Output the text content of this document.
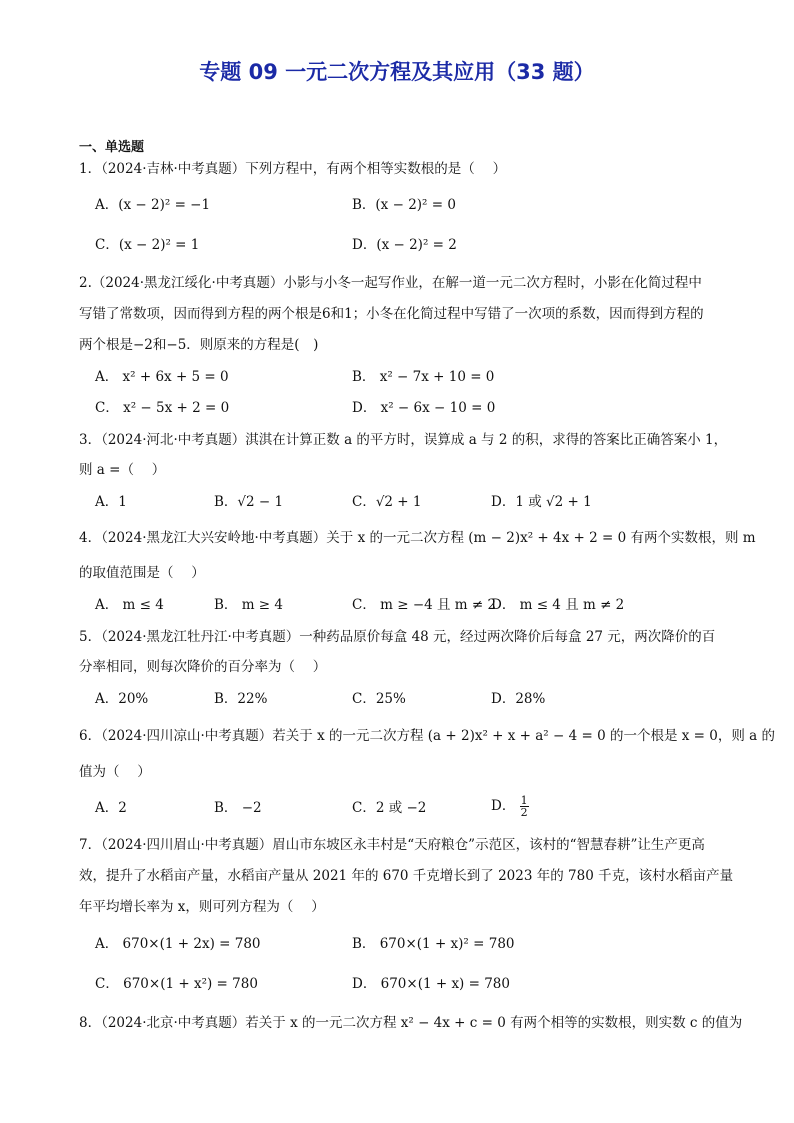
专题 09 一元二次方程及其应用（33 题）
一、单选题
1．（2024·吉林·中考真题）下列方程中，有两个相等实数根的是（　 ）
A．(x − 2)² = −1	B．(x − 2)² = 0
C．(x − 2)² = 1	D．(x − 2)² = 2
2.（2024·黑龙江绥化·中考真题）小影与小冬一起写作业，在解一道一元二次方程时，小影在化简过程中
写错了常数项，因而得到方程的两个根是6和1；小冬在化简过程中写错了一次项的系数，因而得到方程的
两个根是−2和−5．则原来的方程是(　)
A． x² + 6x + 5 = 0	B． x² − 7x + 10 = 0
C． x² − 5x + 2 = 0	D． x² − 6x − 10 = 0
3．（2024·河北·中考真题）淇淇在计算正数 a 的平方时，误算成 a 与 2 的积，求得的答案比正确答案小 1，
则 a =（　 ）
A．1	B．√2 − 1	C．√2 + 1	D．1 或 √2 + 1
4．（2024·黑龙江大兴安岭地·中考真题）关于 x 的一元二次方程 (m − 2)x² + 4x + 2 = 0 有两个实数根，则 m
的取值范围是（　 ）
A． m ≤ 4	B． m ≥ 4	C． m ≥ −4 且 m ≠ 2
D． m ≤ 4 且 m ≠ 2
5．（2024·黑龙江牡丹江·中考真题）一种药品原价每盒 48 元，经过两次降价后每盒 27 元，两次降价的百
分率相同，则每次降价的百分率为（　 ）
A．20%	B．22%	C．25%	D．28%
6．（2024·四川凉山·中考真题）若关于 x 的一元二次方程 (a + 2)x² + x + a² − 4 = 0 的一个根是 x = 0，则 a 的
值为（　 ）
A．2	B． −2	C．2 或 −2	D． $\frac{1}{2}$
7．（2024·四川眉山·中考真题）眉山市东坡区永丰村是“天府粮仓”示范区，该村的“智慧春耕”让生产更高
效，提升了水稻亩产量，水稻亩产量从 2021 年的 670 千克增长到了 2023 年的 780 千克，该村水稻亩产量
年平均增长率为 x，则可列方程为（　 ）
A． 670×(1 + 2x) = 780	B． 670×(1 + x)² = 780
C． 670×(1 + x²) = 780	D． 670×(1 + x) = 780
8．（2024·北京·中考真题）若关于 x 的一元二次方程 x² − 4x + c = 0 有两个相等的实数根，则实数 c 的值为
